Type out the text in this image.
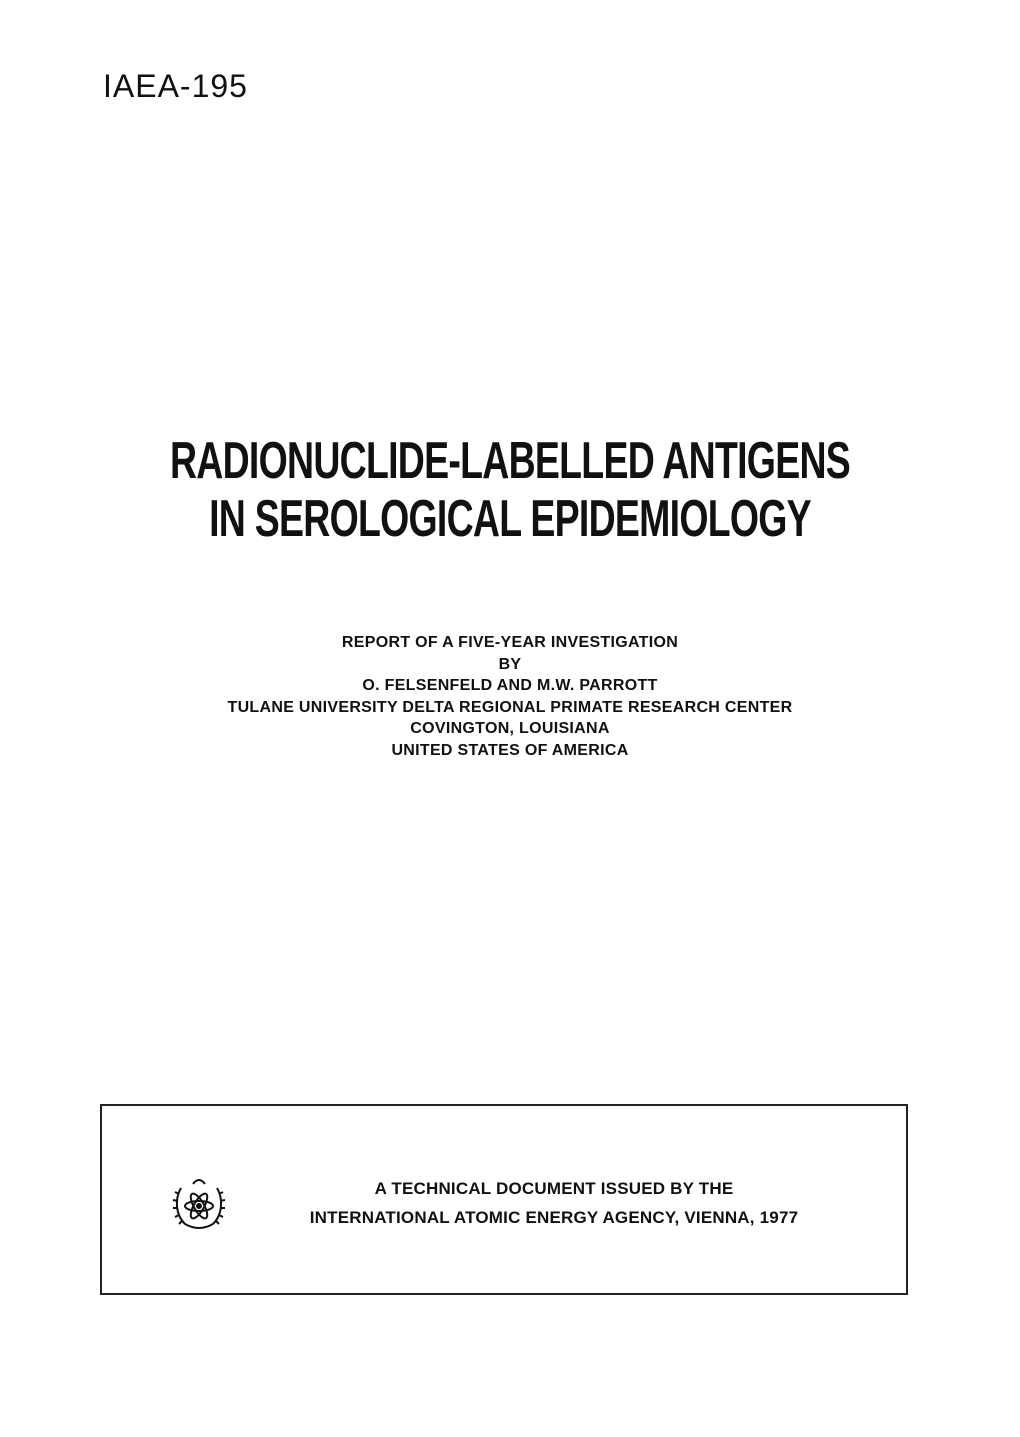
IAEA-195
RADIONUCLIDE-LABELLED ANTIGENS
IN SEROLOGICAL EPIDEMIOLOGY
REPORT OF A FIVE-YEAR INVESTIGATION
BY
O. FELSENFELD AND M.W. PARROTT
TULANE UNIVERSITY DELTA REGIONAL PRIMATE RESEARCH CENTER
COVINGTON, LOUISIANA
UNITED STATES OF AMERICA
A TECHNICAL DOCUMENT ISSUED BY THE
INTERNATIONAL ATOMIC ENERGY AGENCY, VIENNA, 1977
